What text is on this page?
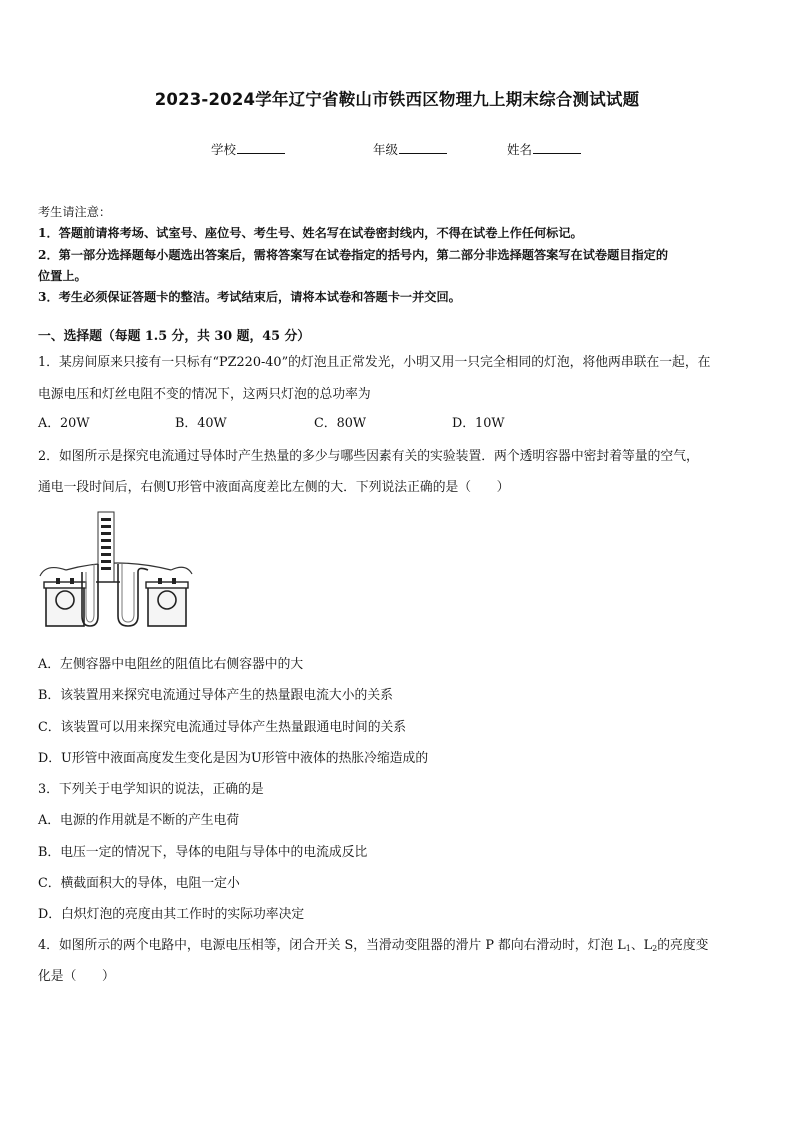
2023-2024学年辽宁省鞍山市铁西区物理九上期末综合测试试题
学校	年级	姓名
考生请注意：
1．答题前请将考场、试室号、座位号、考生号、姓名写在试卷密封线内，不得在试卷上作任何标记。
2．第一部分选择题每小题选出答案后，需将答案写在试卷指定的括号内，第二部分非选择题答案写在试卷题目指定的
位置上。
3．考生必须保证答题卡的整洁。考试结束后，请将本试卷和答题卡一并交回。
一、选择题（每题 1.5 分，共 30 题，45 分）
1．某房间原来只接有一只标有“PZ220-40”的灯泡且正常发光，小明又用一只完全相同的灯泡，将他两串联在一起，在
电源电压和灯丝电阻不变的情况下，这两只灯泡的总功率为
A．20W	B．40W	C．80W	D．10W
2．如图所示是探究电流通过导体时产生热量的多少与哪些因素有关的实验装置．两个透明容器中密封着等量的空气，
通电一段时间后，右侧U形管中液面高度差比左侧的大．下列说法正确的是（　　）
A．左侧容器中电阻丝的阻值比右侧容器中的大
B．该装置用来探究电流通过导体产生的热量跟电流大小的关系
C．该装置可以用来探究电流通过导体产生热量跟通电时间的关系
D．U形管中液面高度发生变化是因为U形管中液体的热胀冷缩造成的
3．下列关于电学知识的说法，正确的是
A．电源的作用就是不断的产生电荷
B．电压一定的情况下，导体的电阻与导体中的电流成反比
C．横截面积大的导体，电阻一定小
D．白炽灯泡的亮度由其工作时的实际功率决定
4．如图所示的两个电路中，电源电压相等，闭合开关 S，当滑动变阻器的滑片 P 都向右滑动时，灯泡 $L_1$、$L_2$的亮度变
化是（　　）
